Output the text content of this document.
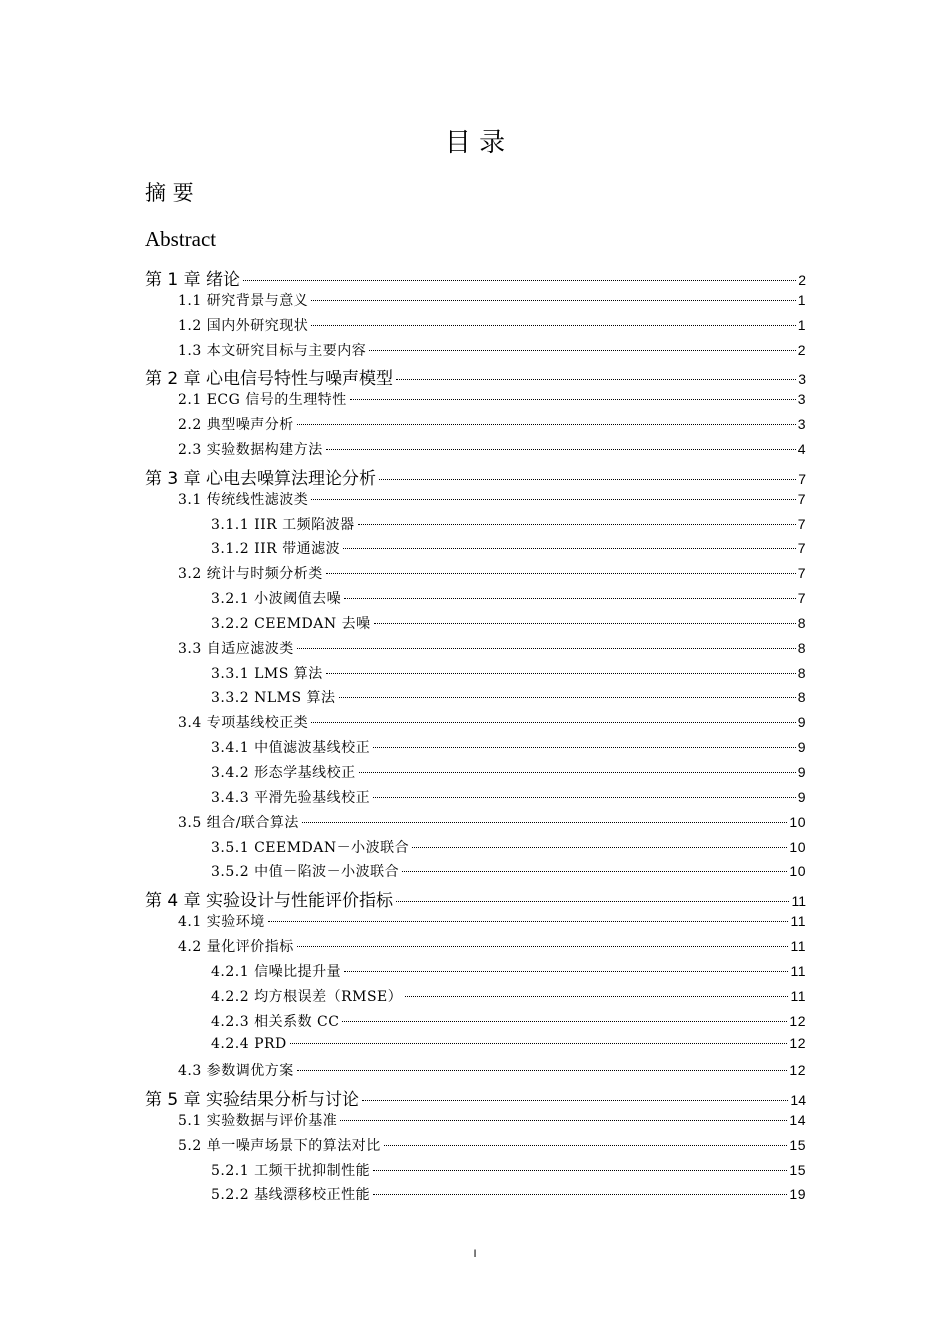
目 录
摘 要
Abstract
第 1 章 绪论	2
1.1 研究背景与意义	1
1.2 国内外研究现状	1
1.3 本文研究目标与主要内容	2
第 2 章 心电信号特性与噪声模型	3
2.1 ECG 信号的生理特性	3
2.2 典型噪声分析	3
2.3 实验数据构建方法	4
第 3 章 心电去噪算法理论分析	7
3.1 传统线性滤波类	7
3.1.1 IIR 工频陷波器	7
3.1.2 IIR 带通滤波	7
3.2 统计与时频分析类	7
3.2.1 小波阈值去噪	7
3.2.2 CEEMDAN 去噪	8
3.3 自适应滤波类	8
3.3.1 LMS 算法	8
3.3.2 NLMS 算法	8
3.4 专项基线校正类	9
3.4.1 中值滤波基线校正	9
3.4.2 形态学基线校正	9
3.4.3 平滑先验基线校正	9
3.5 组合/联合算法	10
3.5.1 CEEMDAN－小波联合	10
3.5.2 中值－陷波－小波联合	10
第 4 章 实验设计与性能评价指标	11
4.1 实验环境	11
4.2 量化评价指标	11
4.2.1 信噪比提升量	11
4.2.2 均方根误差（RMSE）	11
4.2.3 相关系数 CC	12
4.2.4 PRD	12
4.3 参数调优方案	12
第 5 章 实验结果分析与讨论	14
5.1 实验数据与评价基准	14
5.2 单一噪声场景下的算法对比	15
5.2.1 工频干扰抑制性能	15
5.2.2 基线漂移校正性能	19
I
